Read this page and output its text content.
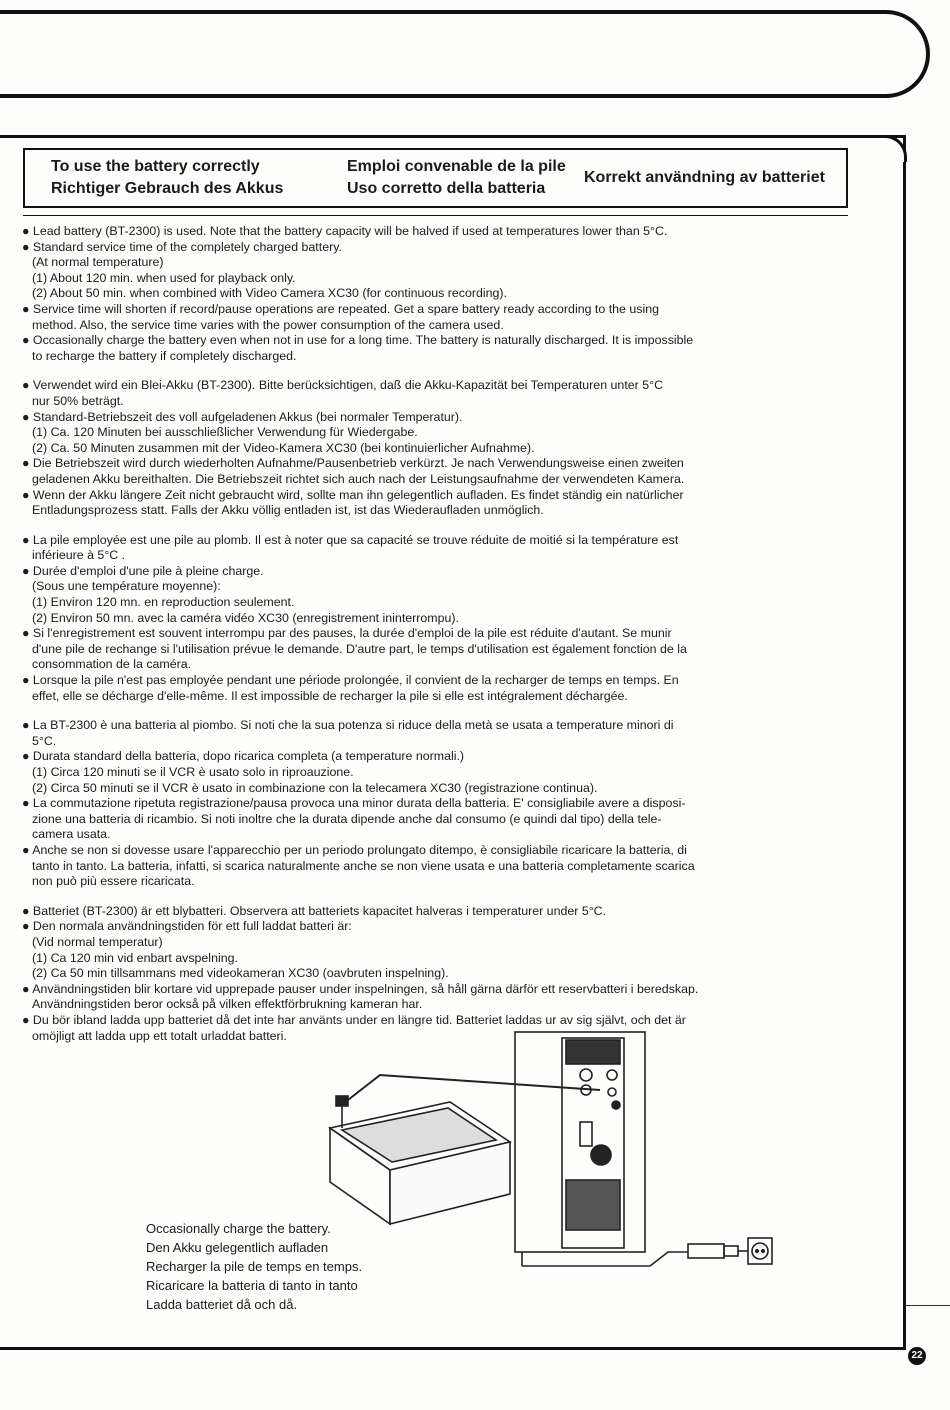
To use the battery correctly
Richtiger Gebrauch des Akkus
Emploi convenable de la pile
Uso corretto della batteria
Korrekt användning av batteriet
● Lead battery (BT-2300) is used. Note that the battery capacity will be halved if used at temperatures lower than 5°C.
● Standard service time of the completely charged battery.
(At normal temperature)
(1) About 120 min. when used for playback only.
(2) About 50 min. when combined with Video Camera XC30 (for continuous recording).
● Service time will shorten if record/pause operations are repeated. Get a spare battery ready according to the using
method. Also, the service time varies with the power consumption of the camera used.
● Occasionally charge the battery even when not in use for a long time. The battery is naturally discharged. It is impossible
to recharge the battery if completely discharged.
● Verwendet wird ein Blei-Akku (BT-2300). Bitte berücksichtigen, daß die Akku-Kapazität bei Temperaturen unter 5°C
nur 50% beträgt.
● Standard-Betriebszeit des voll aufgeladenen Akkus (bei normaler Temperatur).
(1) Ca. 120 Minuten bei ausschließlicher Verwendung für Wiedergabe.
(2) Ca. 50 Minuten zusammen mit der Video-Kamera XC30 (bei kontinuierlicher Aufnahme).
● Die Betriebszeit wird durch wiederholten Aufnahme/Pausenbetrieb verkürzt. Je nach Verwendungsweise einen zweiten
geladenen Akku bereithalten. Die Betriebszeit richtet sich auch nach der Leistungsaufnahme der verwendeten Kamera.
● Wenn der Akku längere Zeit nicht gebraucht wird, sollte man ihn gelegentlich aufladen. Es findet ständig ein natürlicher
Entladungsprozess statt. Falls der Akku völlig entladen ist, ist das Wiederaufladen unmöglich.
● La pile employée est une pile au plomb. Il est à noter que sa capacité se trouve réduite de moitié si la température est
inférieure à 5°C .
● Durée d'emploi d'une pile à pleine charge.
(Sous une température moyenne):
(1) Environ 120 mn. en reproduction seulement.
(2) Environ 50 mn. avec la caméra vidéo XC30 (enregistrement ininterrompu).
● Si l'enregistrement est souvent interrompu par des pauses, la durée d'emploi de la pile est réduite d'autant. Se munir
d'une pile de rechange si l'utilisation prévue le demande. D'autre part, le temps d'utilisation est également fonction de la
consommation de la caméra.
● Lorsque la pile n'est pas employée pendant une période prolongée, il convient de la recharger de temps en temps. En
effet, elle se décharge d'elle-même. Il est impossible de recharger la pile si elle est intégralement déchargée.
● La BT-2300 è una batteria al piombo. Si noti che la sua potenza si riduce della metà se usata a temperature minori di
5°C.
● Durata standard della batteria, dopo ricarica completa (a temperature normali.)
(1) Circa 120 minuti se il VCR è usato solo in riproauzione.
(2) Circa 50 minuti se il VCR è usato in combinazione con la telecamera XC30 (registrazione continua).
● La commutazione ripetuta registrazione/pausa provoca una minor durata della batteria. E' consigliabile avere a disposi-
zione una batteria di ricambio. Si noti inoltre che la durata dipende anche dal consumo (e quindi dal tipo) della tele-
camera usata.
● Anche se non si dovesse usare l'apparecchio per un periodo prolungato ditempo, è consigliabile ricaricare la batteria, di
tanto in tanto. La batteria, infatti, si scarica naturalmente anche se non viene usata e una batteria completamente scarica
non può più essere ricaricata.
● Batteriet (BT-2300) är ett blybatteri. Observera att batteriets kapacitet halveras i temperaturer under 5°C.
● Den normala användningstiden för ett full laddat batteri är:
(Vid normal temperatur)
(1) Ca 120 min vid enbart avspelning.
(2) Ca 50 min tillsammans med videokameran XC30 (oavbruten inspelning).
● Användningstiden blir kortare vid upprepade pauser under inspelningen, så håll gärna därför ett reservbatteri i beredskap.
Användningstiden beror också på vilken effektförbrukning kameran har.
● Du bör ibland ladda upp batteriet då det inte har använts under en längre tid. Batteriet laddas ur av sig självt, och det är
omöjligt att ladda upp ett totalt urladdat batteri.
Occasionally charge the battery.
Den Akku gelegentlich aufladen
Recharger la pile de temps en temps.
Ricaricare la batteria di tanto in tanto
Ladda batteriet då och då.
22
